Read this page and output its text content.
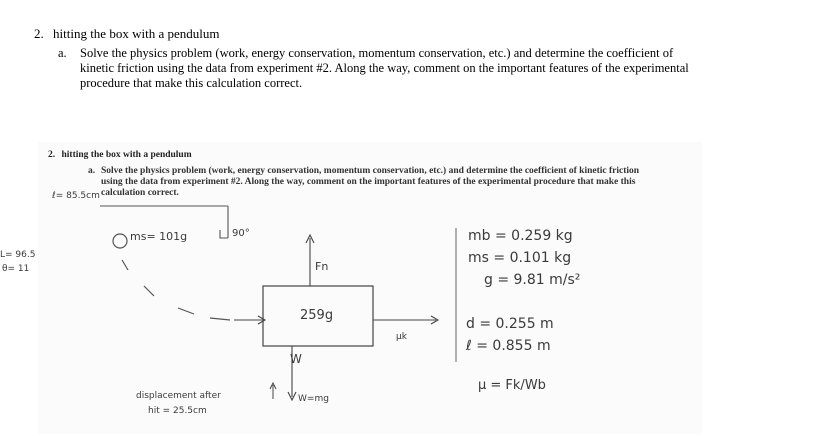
2. hitting the box with a pendulum
a. Solve the physics problem (work, energy conservation, momentum conservation, etc.) and determine the coefficient of kinetic friction using the data from experiment #2. Along the way, comment on the important features of the experimental procedure that make this calculation correct.
2. hitting the box with a pendulum
a. Solve the physics problem (work, energy conservation, momentum conservation, etc.) and determine the coefficient of kinetic friction using the data from experiment #2. Along the way, comment on the important features of the experimental procedure that make this calculation correct.
ℓ= 85.5cm
L= 96.5
θ= 11
ms= 101g	90°
Fn
259g
μk
W
W=mg
displacement after
hit = 25.5cm
mb = 0.259 kg
ms = 0.101 kg
g = 9.81 m/s²
d = 0.255 m
ℓ = 0.855 m
μ = Fk/Wb
